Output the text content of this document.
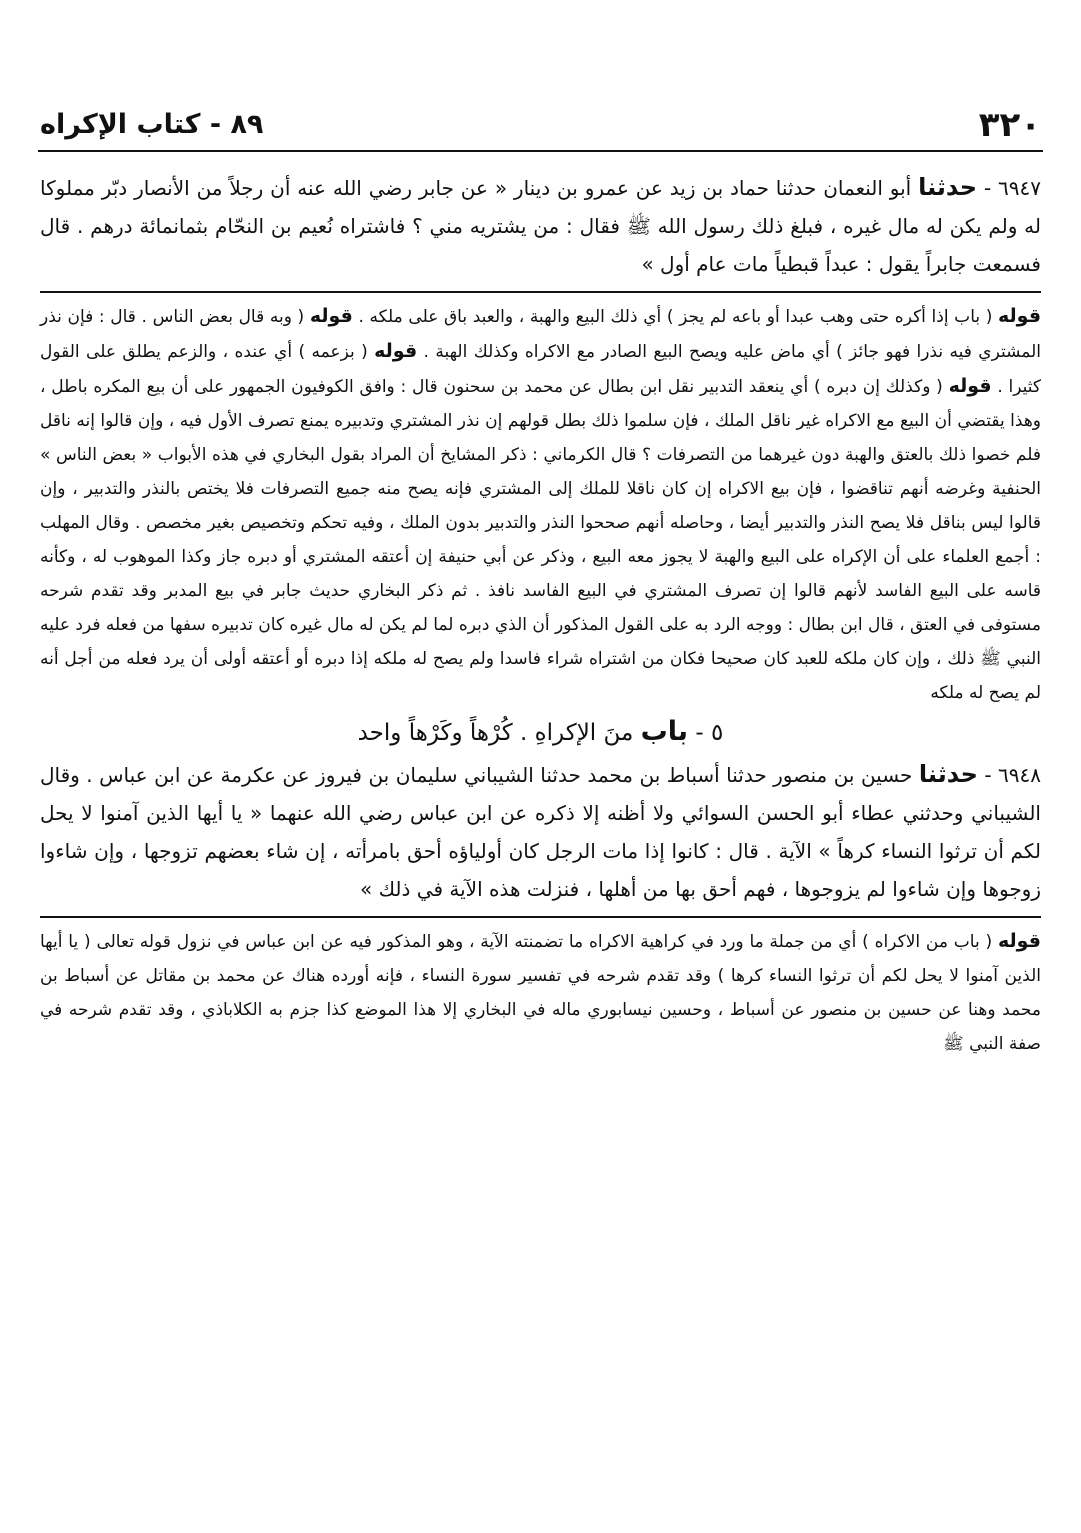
٣٢٠
٨٩ - كتاب الإكراه

٦٩٤٧ - حدثنا أبو النعمان حدثنا حماد بن زيد عن عمرو بن دينار « عن جابر رضي الله عنه أن رجلاً من الأنصار دبّر مملوكا له ولم يكن له مال غيره ، فبلغ ذلك رسول الله ﷺ فقال : من يشتريه مني ؟ فاشتراه نُعيم بن النحّام بثمانمائة درهم . قال فسمعت جابراً يقول : عبداً قبطياً مات عام أول »

قوله ( باب إذا أكره حتى وهب عبدا أو باعه لم يجز ) أي ذلك البيع والهبة ، والعبد باق على ملكه . قوله ( وبه قال بعض الناس . قال : فإن نذر المشتري فيه نذرا فهو جائز ) أي ماض عليه ويصح البيع الصادر مع الاكراه وكذلك الهبة . قوله ( بزعمه ) أي عنده ، والزعم يطلق على القول كثيرا . قوله ( وكذلك إن دبره ) أي ينعقد التدبير نقل ابن بطال عن محمد بن سحنون قال : وافق الكوفيون الجمهور على أن بيع المكره باطل ، وهذا يقتضي أن البيع مع الاكراه غير ناقل الملك ، فإن سلموا ذلك بطل قولهم إن نذر المشتري وتدبيره يمنع تصرف الأول فيه ، وإن قالوا إنه ناقل فلم خصوا ذلك بالعتق والهبة دون غيرهما من التصرفات ؟ قال الكرماني : ذكر المشايخ أن المراد بقول البخاري في هذه الأبواب « بعض الناس » الحنفية وغرضه أنهم تناقضوا ، فإن بيع الاكراه إن كان ناقلا للملك إلى المشتري فإنه يصح منه جميع التصرفات فلا يختص بالنذر والتدبير ، وإن قالوا ليس بناقل فلا يصح النذر والتدبير أيضا ، وحاصله أنهم صححوا النذر والتدبير بدون الملك ، وفيه تحكم وتخصيص بغير مخصص . وقال المهلب : أجمع العلماء على أن الإكراه على البيع والهبة لا يجوز معه البيع ، وذكر عن أبي حنيفة إن أعتقه المشتري أو دبره جاز وكذا الموهوب له ، وكأنه قاسه على البيع الفاسد لأنهم قالوا إن تصرف المشتري في البيع الفاسد نافذ . ثم ذكر البخاري حديث جابر في بيع المدبر وقد تقدم شرحه مستوفى في العتق ، قال ابن بطال : ووجه الرد به على القول المذكور أن الذي دبره لما لم يكن له مال غيره كان تدبيره سفها من فعله فرد عليه النبي ﷺ ذلك ، وإن كان ملكه للعبد كان صحيحا فكان من اشتراه شراء فاسدا ولم يصح له ملكه إذا دبره أو أعتقه أولى أن يرد فعله من أجل أنه لم يصح له ملكه

٥ - باب منَ الإكراهِ . كُرْهاً وكَرْهاً واحد

٦٩٤٨ - حدثنا حسين بن منصور حدثنا أسباط بن محمد حدثنا الشيباني سليمان بن فيروز عن عكرمة عن ابن عباس . وقال الشيباني وحدثني عطاء أبو الحسن السوائي ولا أظنه إلا ذكره عن ابن عباس رضي الله عنهما « يا أيها الذين آمنوا لا يحل لكم أن ترثوا النساء كرهاً » الآية . قال : كانوا إذا مات الرجل كان أولياؤه أحق بامرأته ، إن شاء بعضهم تزوجها ، وإن شاءوا زوجوها وإن شاءوا لم يزوجوها ، فهم أحق بها من أهلها ، فنزلت هذه الآية في ذلك »

قوله ( باب من الاكراه ) أي من جملة ما ورد في كراهية الاكراه ما تضمنته الآية ، وهو المذكور فيه عن ابن عباس في نزول قوله تعالى ( يا أيها الذين آمنوا لا يحل لكم أن ترثوا النساء كرها ) وقد تقدم شرحه في تفسير سورة النساء ، فإنه أورده هناك عن محمد بن مقاتل عن أسباط بن محمد وهنا عن حسين بن منصور عن أسباط ، وحسين نيسابوري ماله في البخاري إلا هذا الموضع كذا جزم به الكلاباذي ، وقد تقدم شرحه في صفة النبي ﷺ
